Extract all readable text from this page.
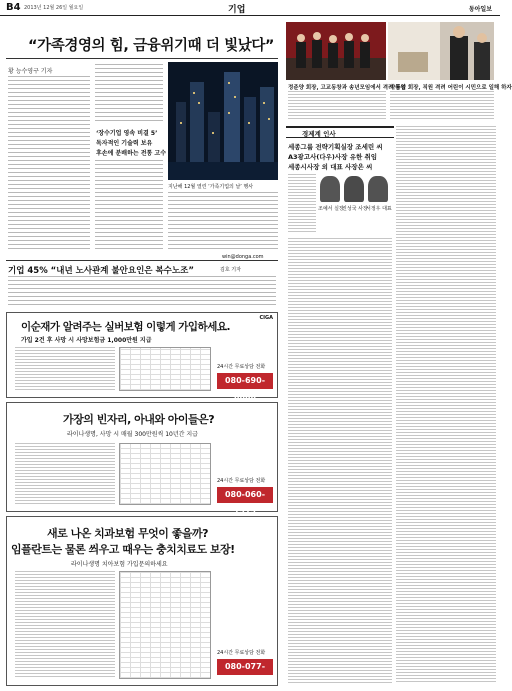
B4 2013년 12월 26일 월요일	기업	동아일보
“가족경영의 힘, 금융위기때 더 빛났다”
황 능수영구 기자
‘장수기업 영속 비결 5’
독자적인 기술력 보유
후손에 분배하는 전통 고수
지난해 12월 열린 ‘가족기업의 날’ 행사
win@donga.com
기업 45% “내년 노사관계 불안요인은 복수노조”	김호 기자
이순재가 알려주는 실버보험 이렇게 가입하세요.
CIGA
가입 2건 후 사망 시 사망보험금 1,000만원 지급
24시간 무료상담 전화
080-690-6600
가장의 빈자리, 아내와 아이들은?
라이나생명, 사망 시 매월 300만원씩 10년간 지급
24시간 무료상담 전화
080-060-1919
새로 나온 치과보험 무엇이 좋을까?
임플란트는 물론 씌우고 때우는 충치치료도 보장!
라이나생명 치아보험 가입문의하세요
24시간 무료상담 전화
080-077-7070
정준양 회장, 고교동창과 송년모임에서 격려 동참
약품업 회장, 직원 격려 어린이 시민으로 일해 하자
경제계 인사
세종그룹 전략기획실장 조세린 씨
A3광고사(다우)사장 유한 취임
세종시사장 외 대표 사장은 씨
조예서 실장
진성국 사장
서정우 대표
